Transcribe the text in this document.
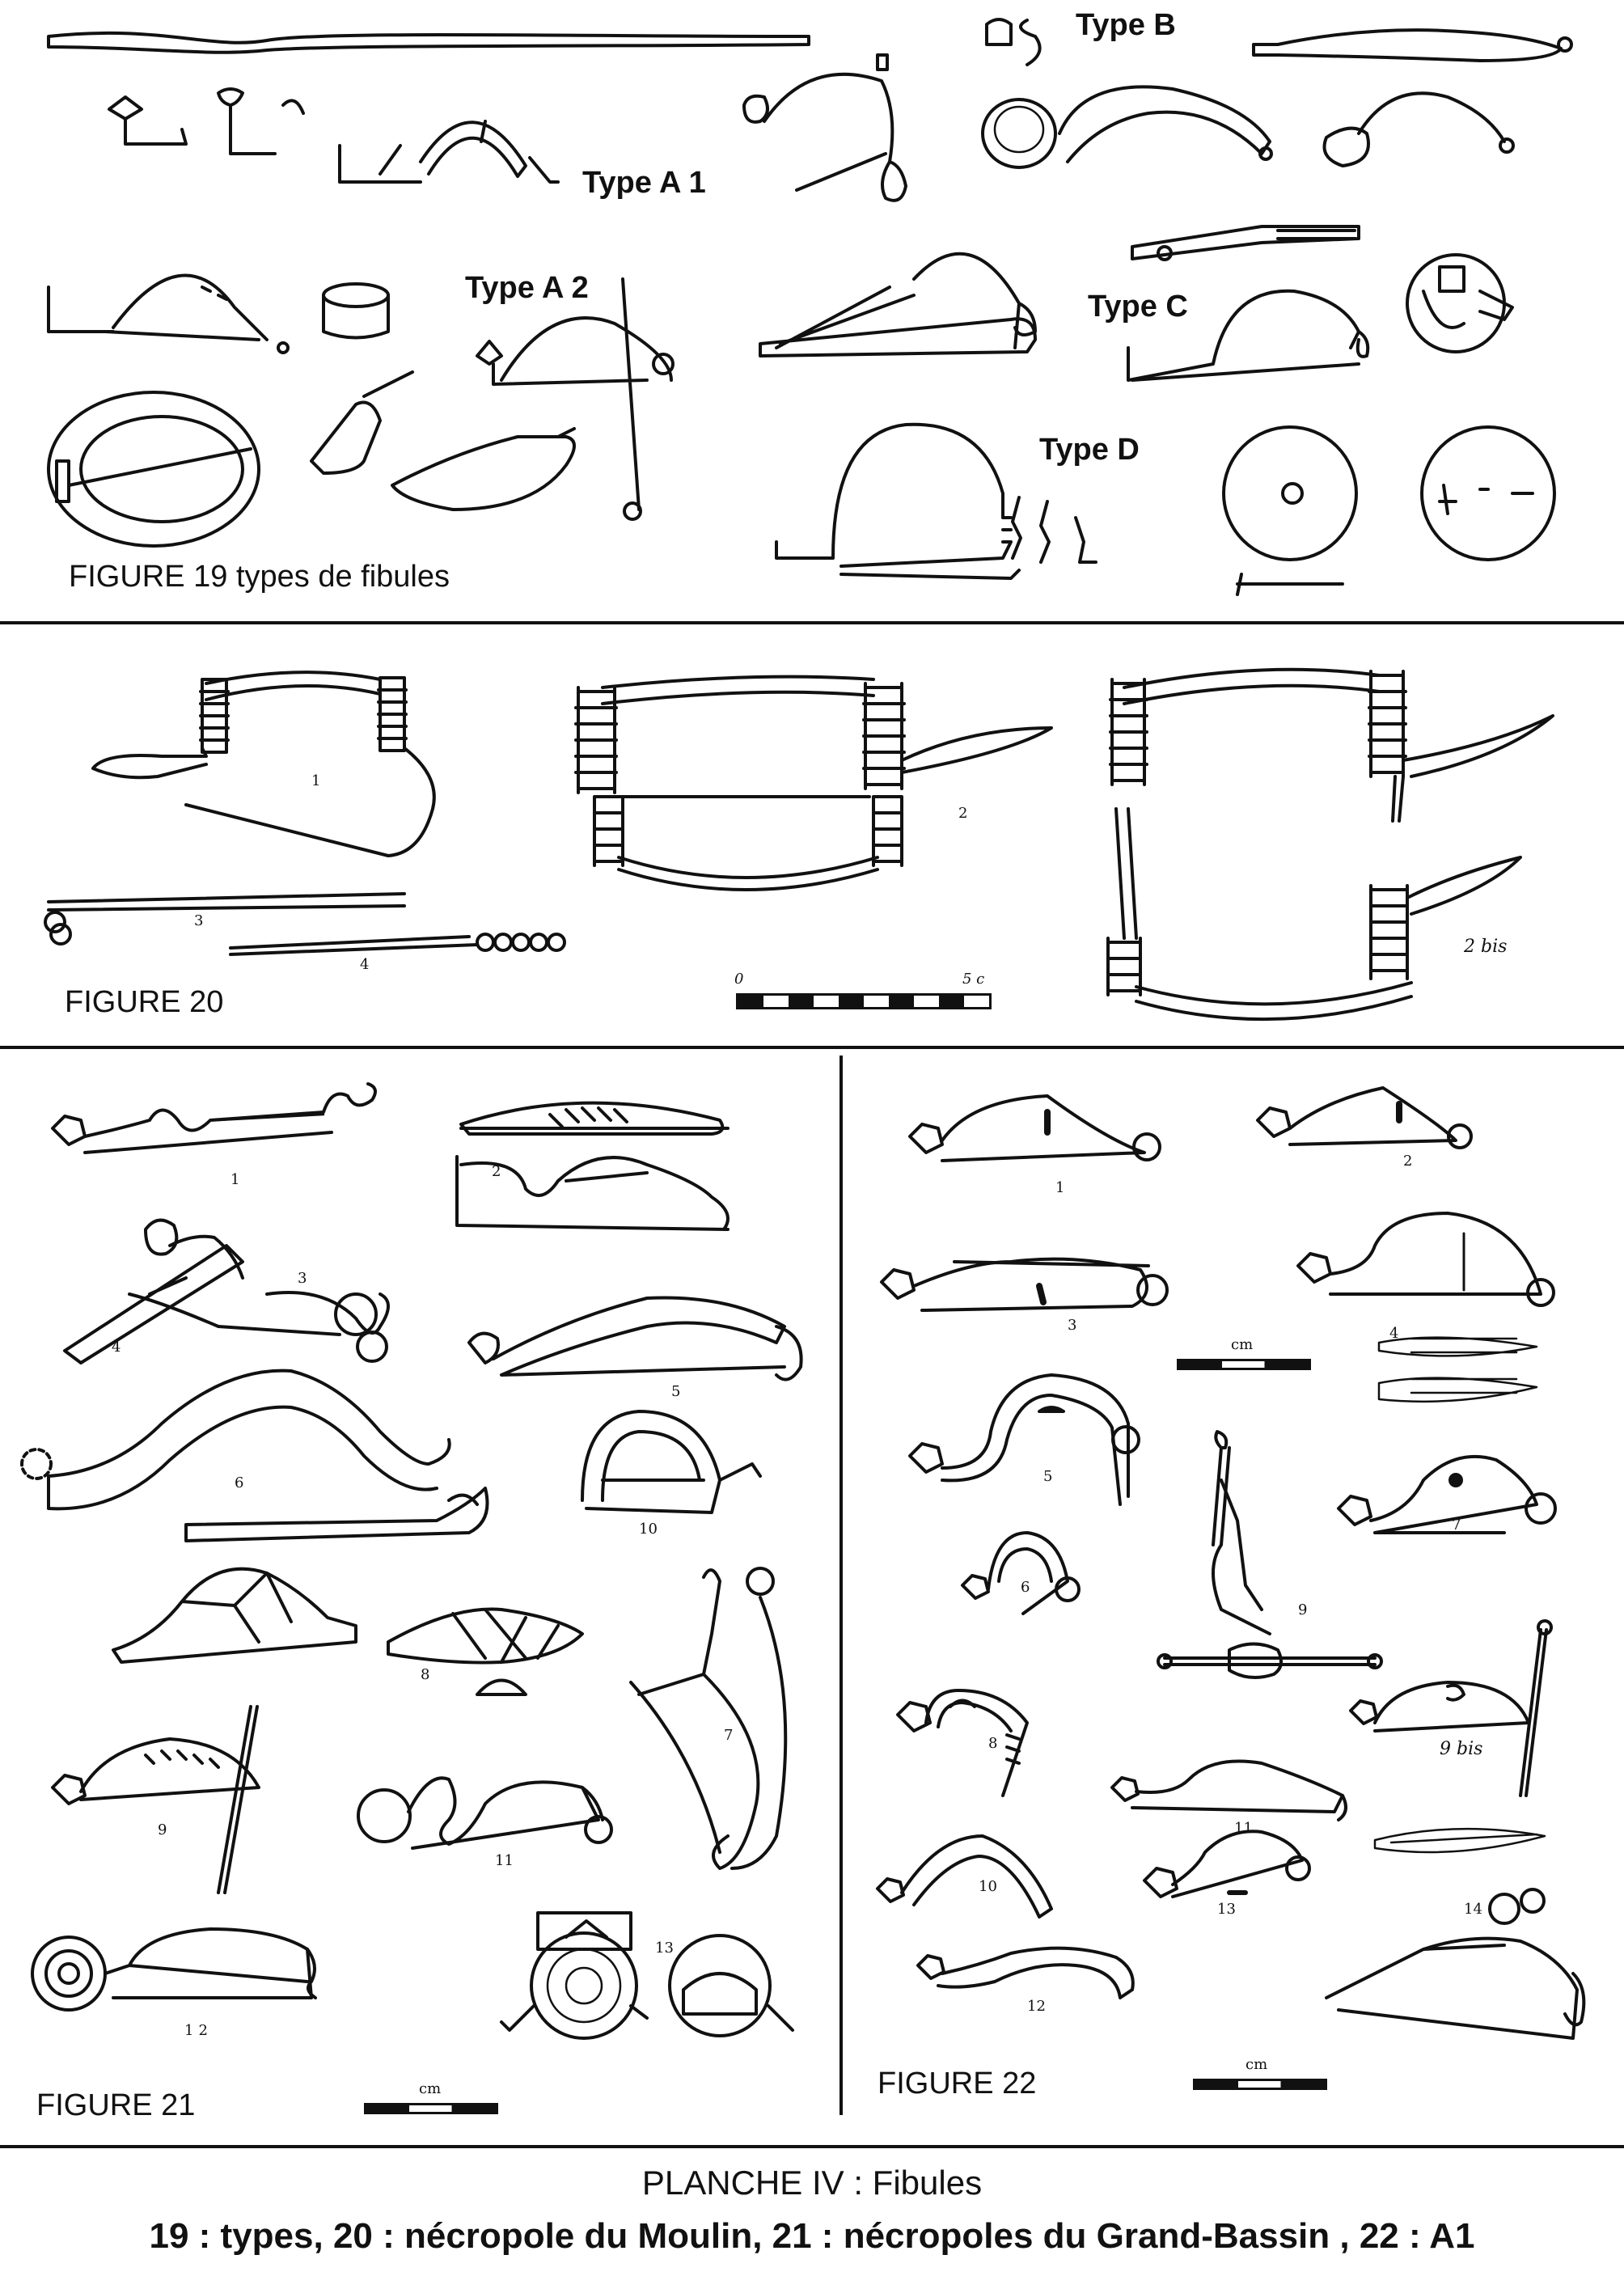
Type A 1
Type A 2
Type B
Type C
Type D
FIGURE 19 types de fibules
1
2
3
4
2 bis
0	5 c
FIGURE 20
1	2
3
4
5
6
10
8
7
9
11
12
13
cm
FIGURE 21
1
2
3	4
5
7
6
9
8	9 bis
11
10
13	14
12
cm
cm
FIGURE 22
PLANCHE IV : Fibules
19 : types, 20 : nécropole du Moulin, 21 : nécropoles du Grand-Bassin , 22 : A1
